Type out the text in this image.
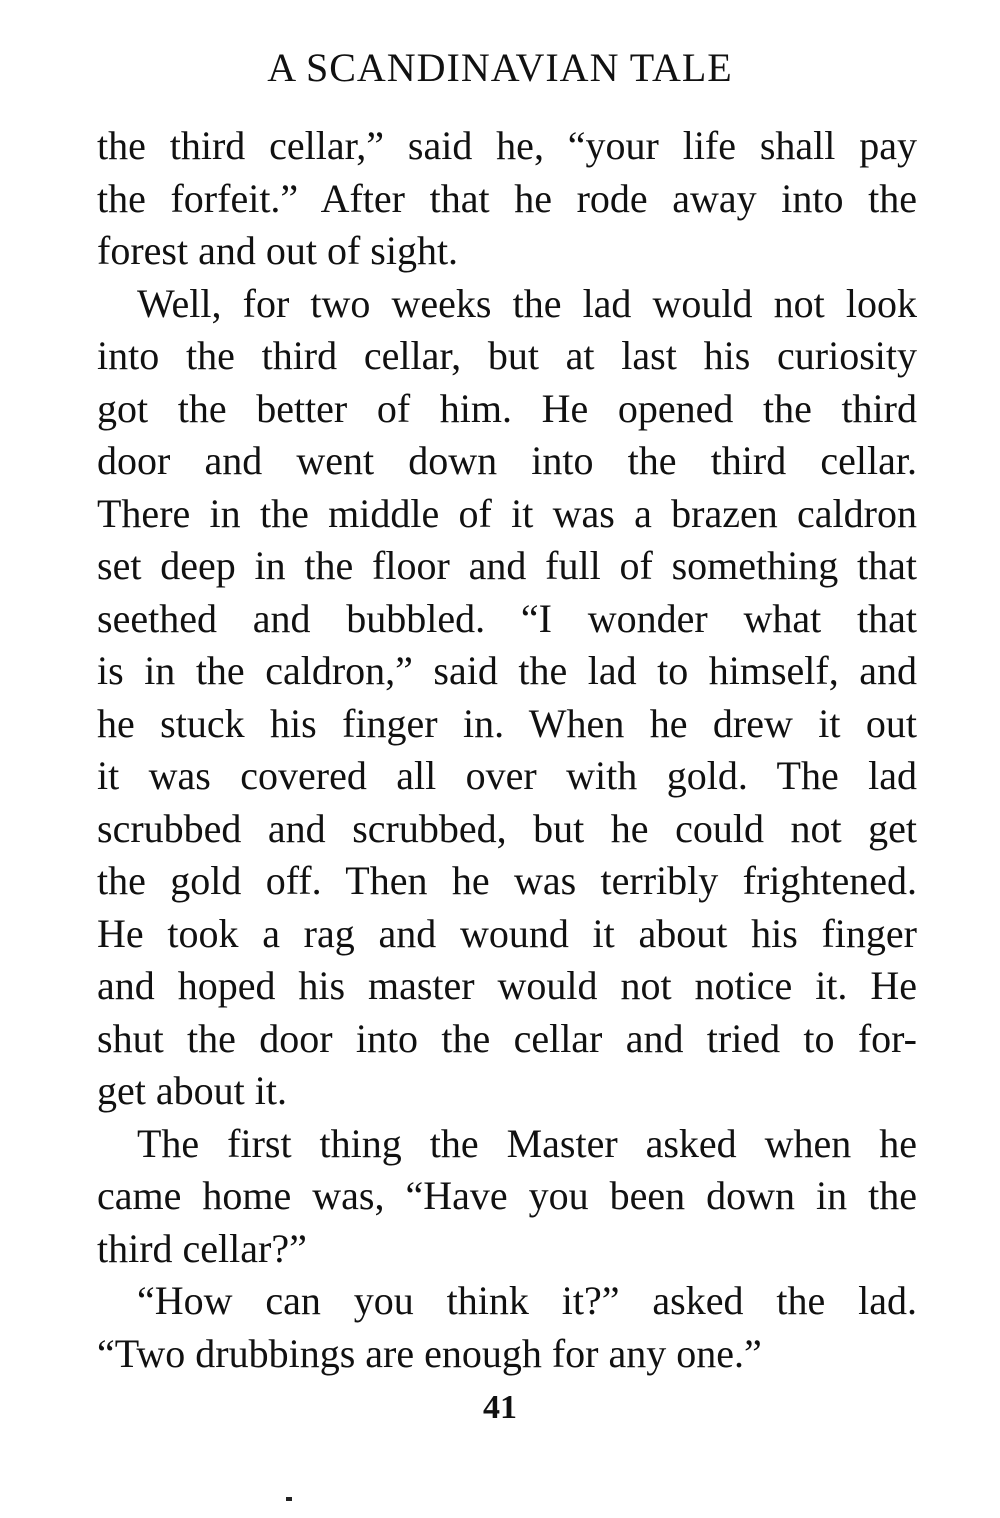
A SCANDINAVIAN TALE
the third cellar,” said he, “your life shall pay
the forfeit.” After that he rode away into the
forest and out of sight.
Well, for two weeks the lad would not look
into the third cellar, but at last his curiosity
got the better of him. He opened the third
door and went down into the third cellar.
There in the middle of it was a brazen caldron
set deep in the floor and full of something that
seethed and bubbled. “I wonder what that
is in the caldron,” said the lad to himself, and
he stuck his finger in. When he drew it out
it was covered all over with gold. The lad
scrubbed and scrubbed, but he could not get
the gold off. Then he was terribly frightened.
He took a rag and wound it about his finger
and hoped his master would not notice it. He
shut the door into the cellar and tried to for-
get about it.
The first thing the Master asked when he
came home was, “Have you been down in the
third cellar?”
“How can you think it?” asked the lad.
“Two drubbings are enough for any one.”
41
